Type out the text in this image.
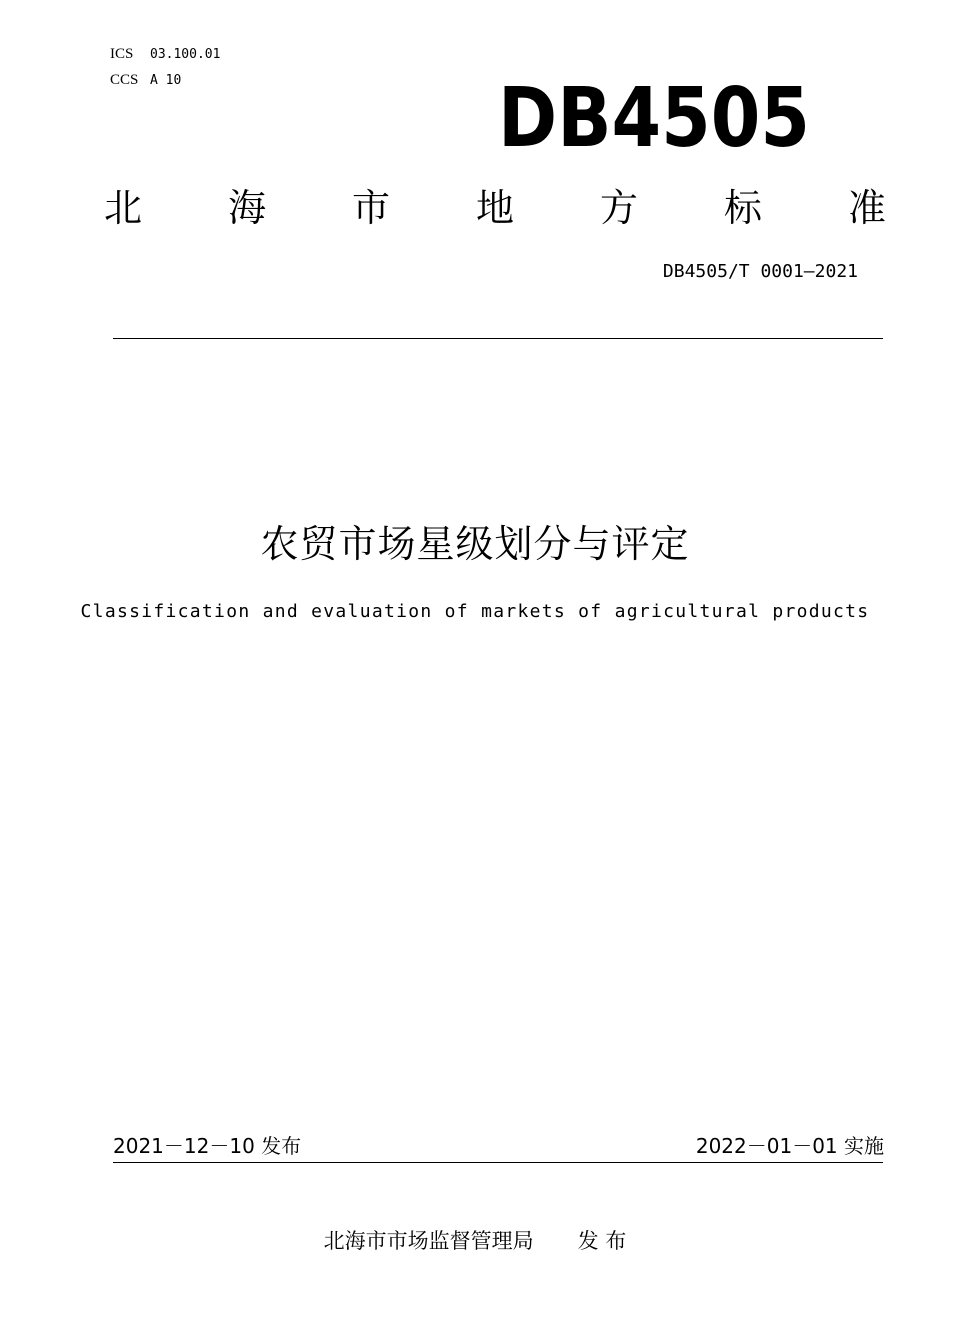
ICS 03.100.01
CCS A 10	DB4505
北 海 市 地 方 标 准
DB4505/T 0001—2021
农贸市场星级划分与评定
Classification and evaluation of markets of agricultural products
2021－12－10 发布	2022－01－01 实施
北海市市场监督管理局 发 布
